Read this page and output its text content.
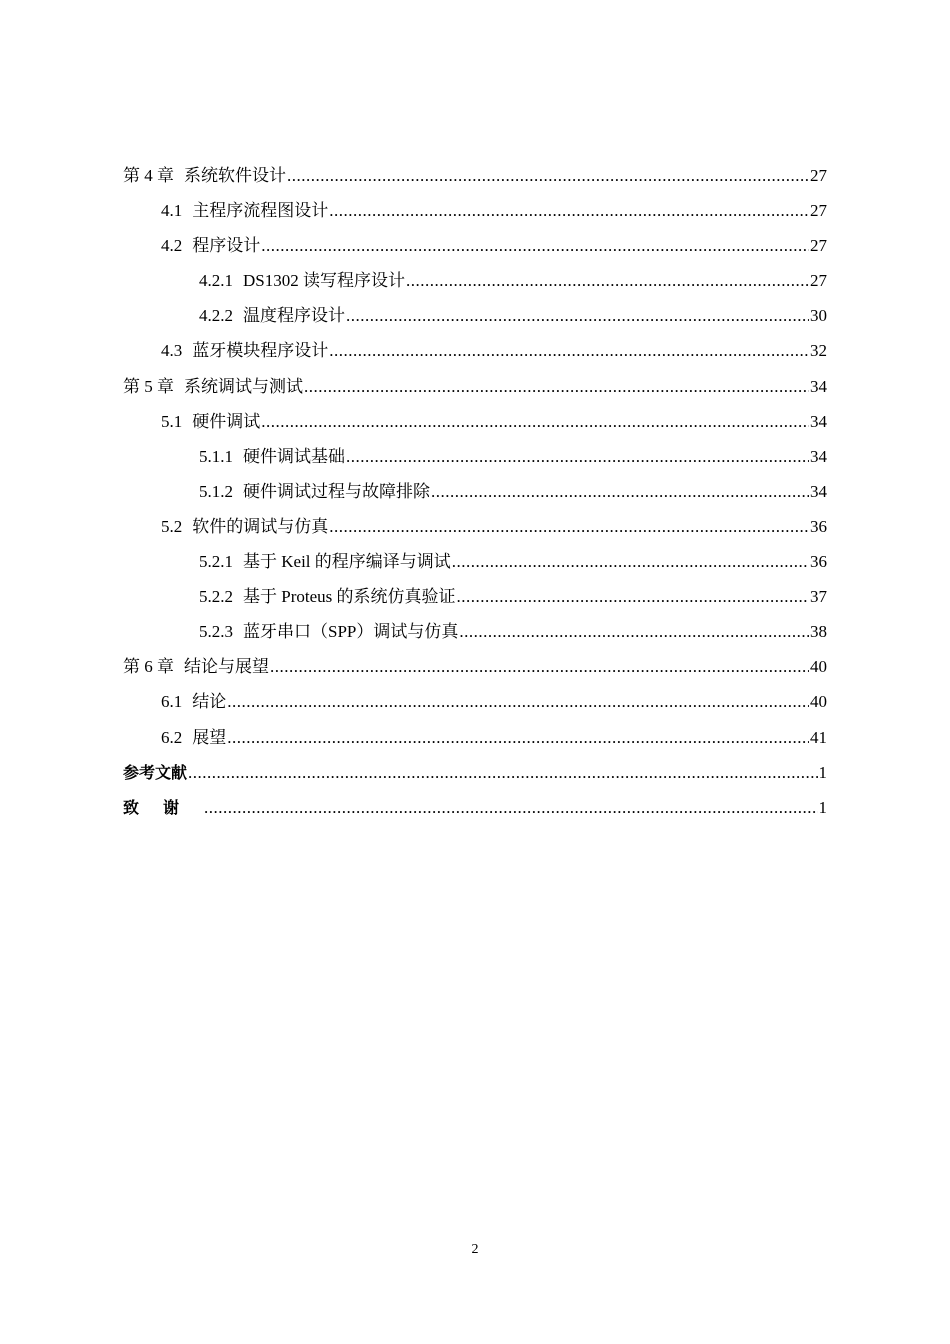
第 4 章 系统软件设计 .....	27
4.1 主程序流程图设计 .....	27
4.2 程序设计 .....	27
4.2.1 DS1302 读写程序设计 .....	27
4.2.2 温度程序设计 .....	30
4.3 蓝牙模块程序设计 .....	32
第 5 章 系统调试与测试 .....	34
5.1 硬件调试 .....	34
5.1.1 硬件调试基础 .....	34
5.1.2 硬件调试过程与故障排除 .....	34
5.2 软件的调试与仿真 .....	36
5.2.1 基于 Keil 的程序编译与调试 .....	36
5.2.2 基于 Proteus 的系统仿真验证 .....	37
5.2.3 蓝牙串口（SPP）调试与仿真 .....	38
第 6 章 结论与展望 .....	40
6.1 结论 .....	40
6.2 展望 .....	41
参考文献 .....	1
致谢 .....	1
2
